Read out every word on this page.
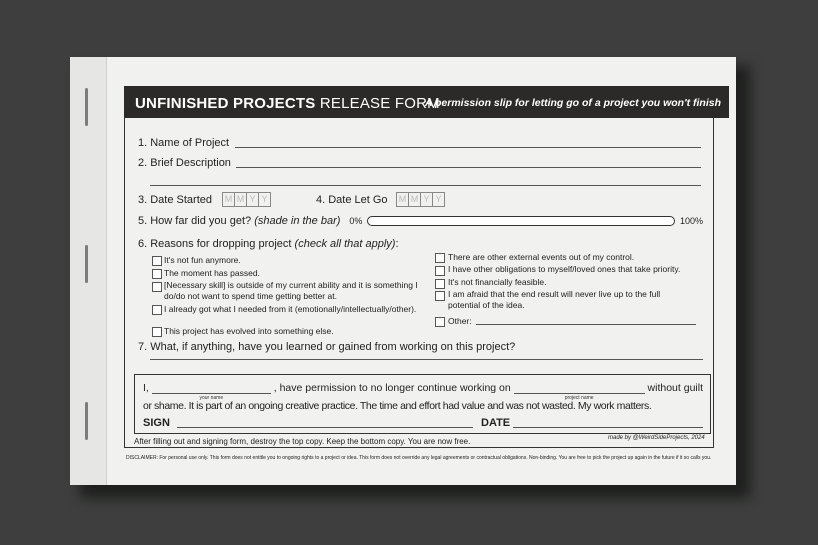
UNFINISHED PROJECTS RELEASE FORM
A permission slip for letting go of a project you won't finish
1. Name of Project
2. Brief Description
3. Date Started	M M Y Y	4. Date Let Go	M M Y Y
5. How far did you get? (shade in the bar) 0%	100%
6. Reasons for dropping project (check all that apply):
It's not fun anymore.
The moment has passed.
[Necessary skill] is outside of my current ability and it is something I do/do not want to spend time getting better at.
I already got what I needed from it (emotionally/intellectually/other).
This project has evolved into something else.
There are other external events out of my control.
I have other obligations to myself/loved ones that take priority.
It's not financially feasible.
I am afraid that the end result will never live up to the full potential of the idea.
Other:
7. What, if anything, have you learned or gained from working on this project?
I,
your name
, have permission to no longer continue working on
project name
without guilt
or shame. It is part of an ongoing creative practice. The time and effort had value and was not wasted. My work matters.
SIGN	DATE
After filling out and signing form, destroy the top copy. Keep the bottom copy. You are now free.	made by @WeirdSideProjects, 2024
DISCLAIMER: For personal use only. This form does not entitle you to ongoing rights to a project or idea. This form does not override any legal agreements or contractual obligations. Non-binding. You are free to pick the project up again in the future if it so calls you.
